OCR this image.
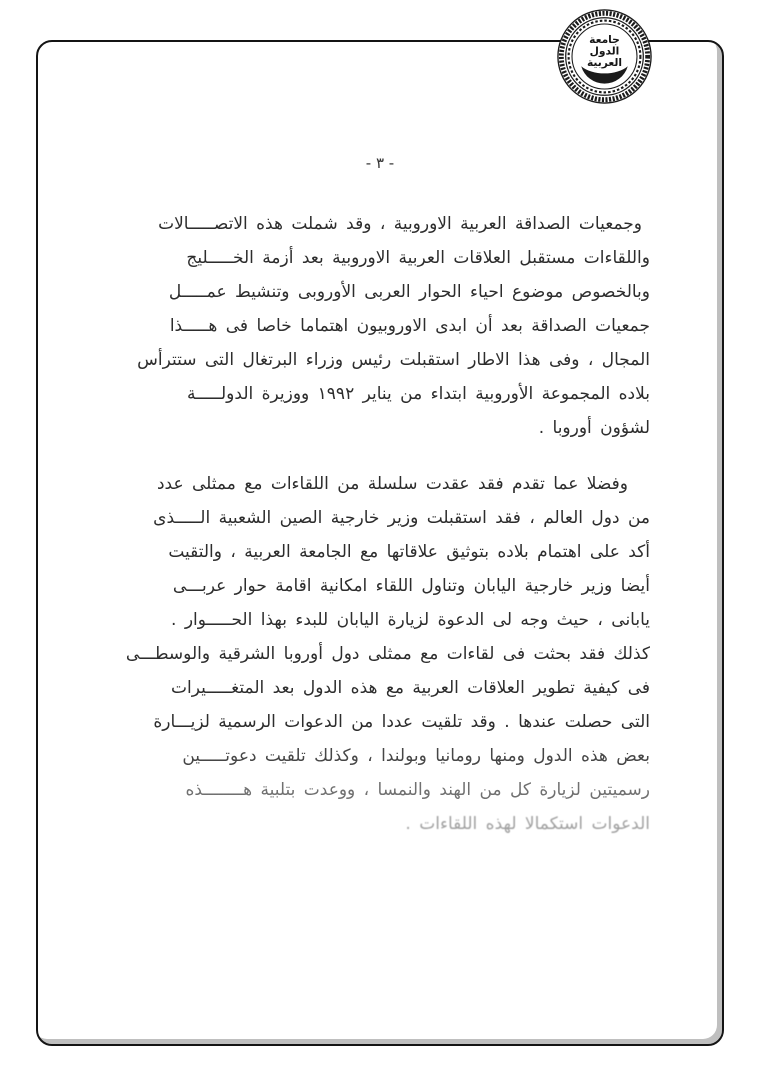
- ٣ -

وجمعيات الصداقة العربية الاوروبية ، وقد شملت هذه الاتصـــــالات
واللقاءات مستقبل العلاقات العربية الاوروبية بعد أزمة الخـــــليج
وبالخصوص موضوع احياء الحوار العربى الأوروبى وتنشيط عمـــــل
جمعيات الصداقة بعد أن ابدى الاوروبيون اهتماما خاصا فى هـــــذا
المجال ، وفى هذا الاطار استقبلت رئيس وزراء البرتغال التى ستترأس
بلاده المجموعة الأوروبية ابتداء من يناير ١٩٩٢ ووزيرة الدولـــــة
لشؤون أوروبا .

وفضلا عما تقدم فقد عقدت سلسلة من اللقاءات مع ممثلى عدد
من دول العالم ، فقد استقبلت وزير خارجية الصين الشعبية الـــــذى
أكد على اهتمام بلاده بتوثيق علاقاتها مع الجامعة العربية ، والتقيت
أيضا وزير خارجية اليابان وتناول اللقاء امكانية اقامة حوار عربـــى
يابانى ، حيث وجه لى الدعوة لزيارة اليابان للبدء بهذا الحـــــوار .
كذلك فقد بحثت فى لقاءات مع ممثلى دول أوروبا الشرقية والوسطـــى
فى كيفية تطوير العلاقات العربية مع هذه الدول بعد المتغـــــيرات
التى حصلت عندها . وقد تلقيت عددا من الدعوات الرسمية لزيـــارة
بعض هذه الدول ومنها رومانيا وبولندا ، وكذلك تلقيت دعوتـــــين
رسميتين لزيارة كل من الهند والنمسا ، ووعدت بتلبية هــــــــذه
الدعوات استكمالا لهذه اللقاءات .

جامعة
الدول
العربية
